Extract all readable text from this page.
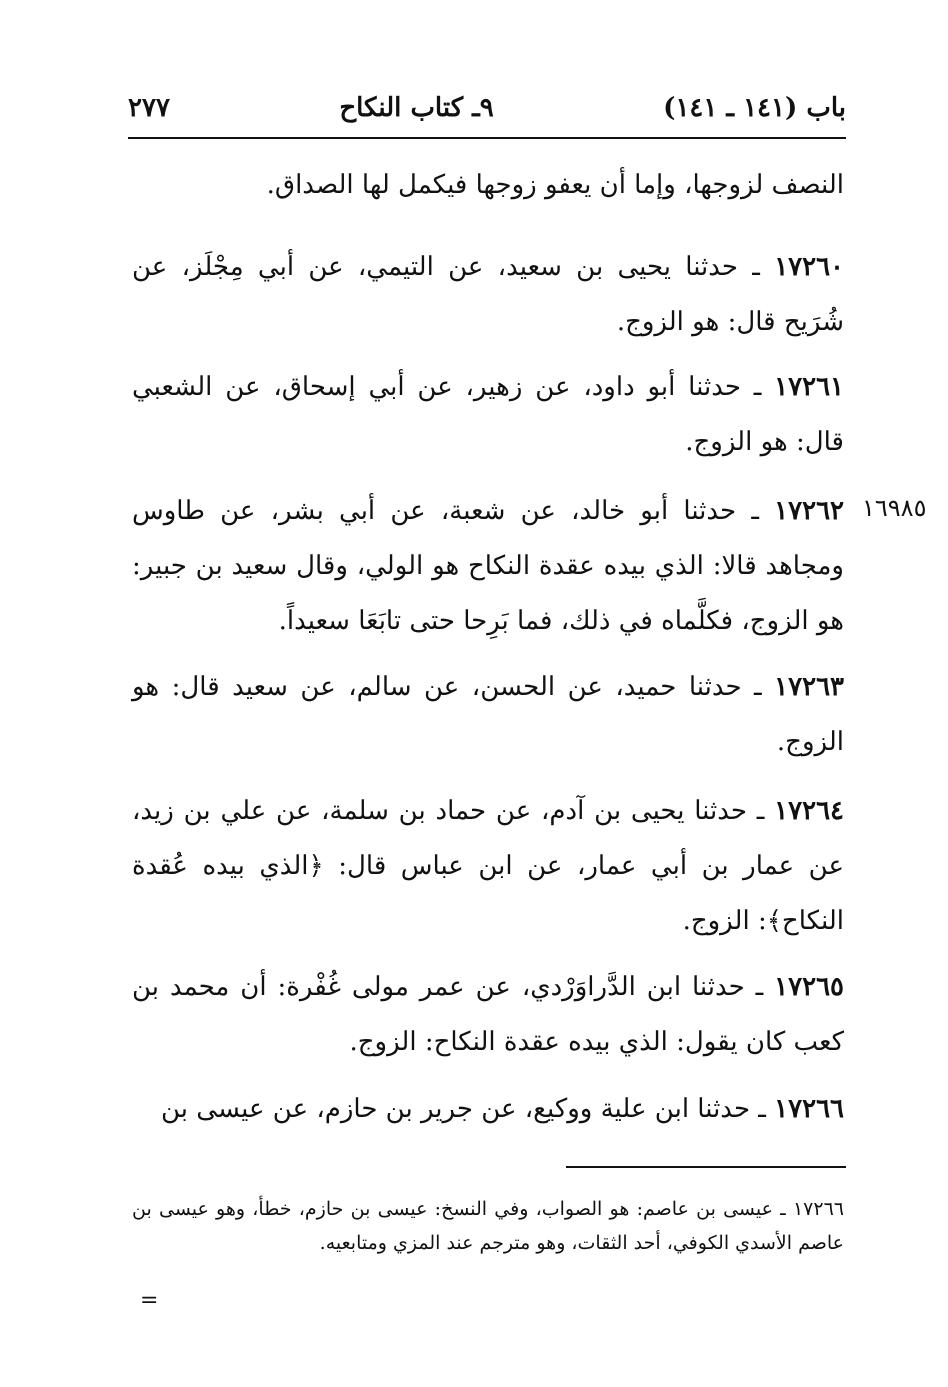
باب (١٤١ ـ ١٤١)
٩ـ كتاب النكاح
٢٧٧
النصف لزوجها، وإما أن يعفو زوجها فيكمل لها الصداق.
١٧٢٦٠ ـ حدثنا يحيى بن سعيد، عن التيمي، عن أبي مِجْلَز، عن شُرَيح قال: هو الزوج.
١٧٢٦١ ـ حدثنا أبو داود، عن زهير، عن أبي إسحاق، عن الشعبي قال: هو الزوج.
١٦٩٨٥
١٧٢٦٢ ـ حدثنا أبو خالد، عن شعبة، عن أبي بشر، عن طاوس ومجاهد قالا: الذي بيده عقدة النكاح هو الولي، وقال سعيد بن جبير: هو الزوج، فكلَّماه في ذلك، فما بَرِحا حتى تابَعَا سعيداً.
١٧٢٦٣ ـ حدثنا حميد، عن الحسن، عن سالم، عن سعيد قال: هو الزوج.
١٧٢٦٤ ـ حدثنا يحيى بن آدم، عن حماد بن سلمة، عن علي بن زيد، عن عمار بن أبي عمار، عن ابن عباس قال: ﴿الذي بيده عُقدة النكاح﴾: الزوج.
١٧٢٦٥ ـ حدثنا ابن الدَّراوَرْدي، عن عمر مولى غُفْرة: أن محمد بن كعب كان يقول: الذي بيده عقدة النكاح: الزوج.
١٧٢٦٦ ـ حدثنا ابن علية ووكيع، عن جرير بن حازم، عن عيسى بن
١٧٢٦٦ ـ عيسى بن عاصم: هو الصواب، وفي النسخ: عيسى بن حازم، خطأ، وهو عيسى بن عاصم الأسدي الكوفي، أحد الثقات، وهو مترجم عند المزي ومتابعيه.
=
